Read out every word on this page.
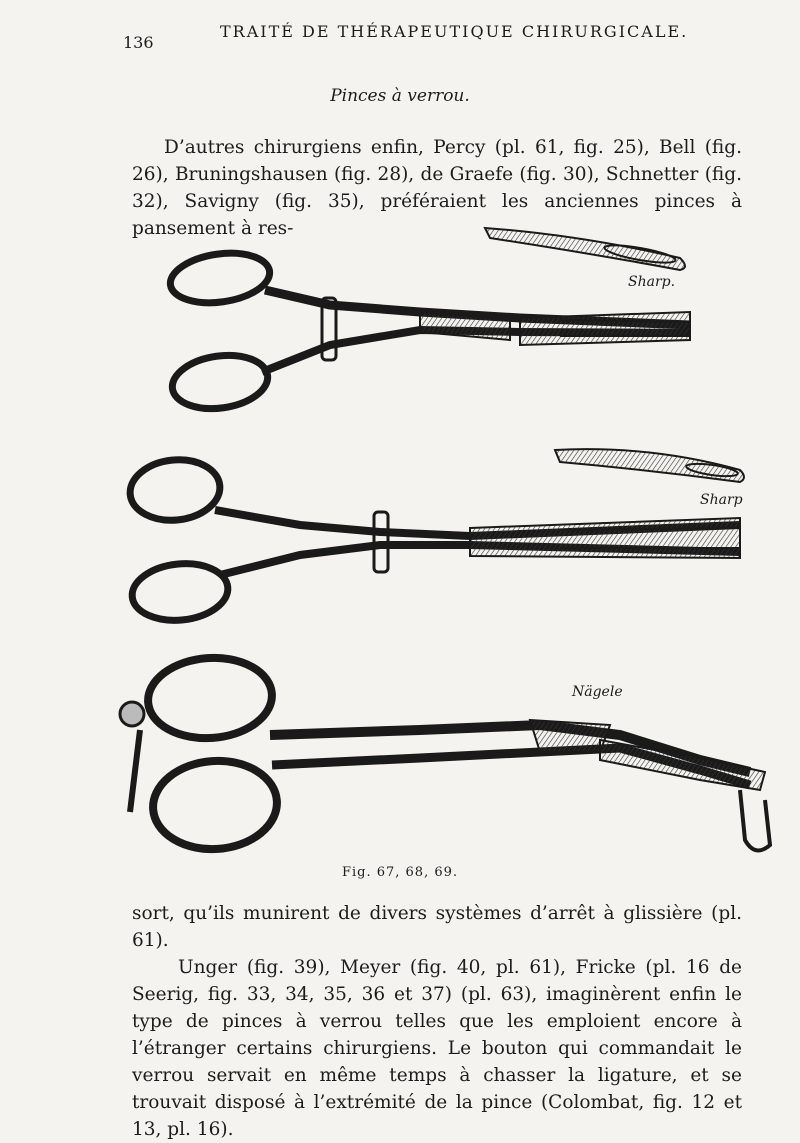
136
TRAITÉ DE THÉRAPEUTIQUE CHIRURGICALE.
Pinces à verrou.
D’autres chirurgiens enfin, Percy (pl. 61, fig. 25), Bell (fig. 26), Bruningshausen (fig. 28), de Graefe (fig. 30), Schnetter (fig. 32), Savigny (fig. 35), préféraient les anciennes pinces à pansement à res-
Sharp.
Sharp
Nägele
Fig. 67, 68, 69.

sort, qu’ils munirent de divers systèmes d’arrêt à glissière (pl. 61).

Unger (fig. 39), Meyer (fig. 40, pl. 61), Fricke (pl. 16 de Seerig, fig. 33, 34, 35, 36 et 37) (pl. 63), imaginèrent enfin le type de pinces à verrou telles que les emploient encore à l’étranger certains chirurgiens. Le bouton qui commandait le verrou servait en même temps à chasser la ligature, et se trouvait disposé à l’extrémité de la pince (Colombat, fig. 12 et 13, pl. 16).
